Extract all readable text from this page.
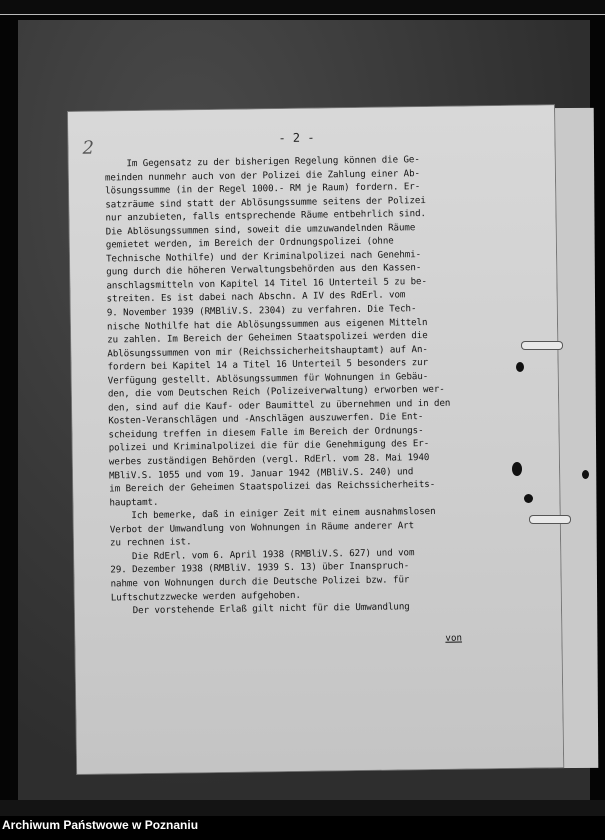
2	- 2 -
Im Gegensatz zu der bisherigen Regelung können die Ge-
meinden nunmehr auch von der Polizei die Zahlung einer Ab-
lösungssumme (in der Regel 1000.- RM je Raum) fordern. Er-
satzräume sind statt der Ablösungssumme seitens der Polizei
nur anzubieten, falls entsprechende Räume entbehrlich sind.
Die Ablösungssummen sind, soweit die umzuwandelnden Räume
gemietet werden, im Bereich der Ordnungspolizei (ohne
Technische Nothilfe) und der Kriminalpolizei nach Genehmi-
gung durch die höheren Verwaltungsbehörden aus den Kassen-
anschlagsmitteln von Kapitel 14 Titel 16 Unterteil 5 zu be-
streiten. Es ist dabei nach Abschn. A IV des RdErl. vom
9. November 1939 (RMBliV.S. 2304) zu verfahren. Die Tech-
nische Nothilfe hat die Ablösungssummen aus eigenen Mitteln
zu zahlen. Im Bereich der Geheimen Staatspolizei werden die
Ablösungssummen von mir (Reichssicherheitshauptamt) auf An-
fordern bei Kapitel 14 a Titel 16 Unterteil 5 besonders zur
Verfügung gestellt. Ablösungssummen für Wohnungen in Gebäu-
den, die vom Deutschen Reich (Polizeiverwaltung) erworben wer-
den, sind auf die Kauf- oder Baumittel zu übernehmen und in den
Kosten-Veranschlägen und -Anschlägen auszuwerfen. Die Ent-
scheidung treffen in diesem Falle im Bereich der Ordnungs-
polizei und Kriminalpolizei die für die Genehmigung des Er-
werbes zuständigen Behörden (vergl. RdErl. vom 28. Mai 1940
MBliV.S. 1055 und vom 19. Januar 1942 (MBliV.S. 240) und
im Bereich der Geheimen Staatspolizei das Reichssicherheits-
hauptamt.
Ich bemerke, daß in einiger Zeit mit einem ausnahmslosen
Verbot der Umwandlung von Wohnungen in Räume anderer Art
zu rechnen ist.
Die RdErl. vom 6. April 1938 (RMBliV.S. 627) und vom
29. Dezember 1938 (RMBliV. 1939 S. 13) über Inanspruch-
nahme von Wohnungen durch die Deutsche Polizei bzw. für
Luftschutzzwecke werden aufgehoben.
Der vorstehende Erlaß gilt nicht für die Umwandlung
von
Archiwum Państwowe w Poznaniu
